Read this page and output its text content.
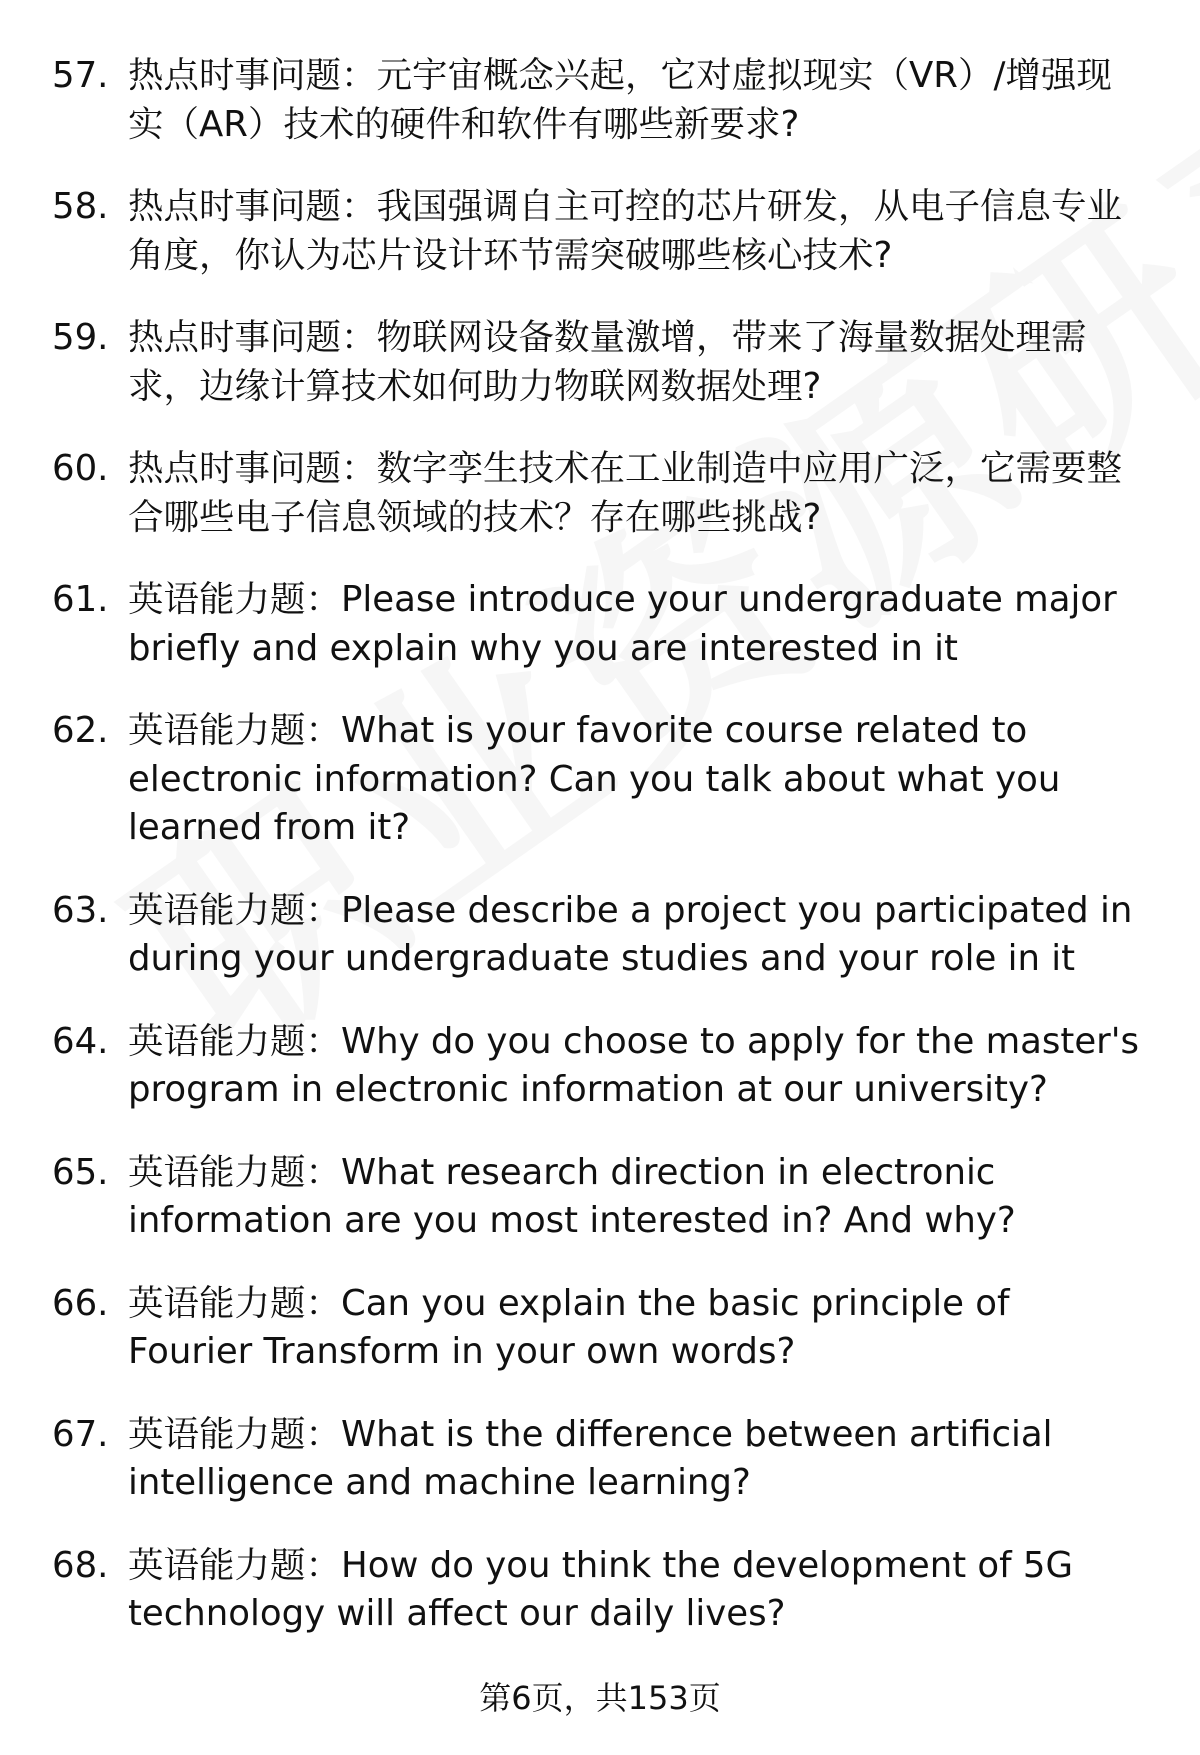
57. 热点时事问题：元宇宙概念兴起，它对虚拟现实（VR）/增强现实（AR）技术的硬件和软件有哪些新要求?
58. 热点时事问题：我国强调自主可控的芯片研发，从电子信息专业角度，你认为芯片设计环节需突破哪些核心技术?
59. 热点时事问题：物联网设备数量激增，带来了海量数据处理需求，边缘计算技术如何助力物联网数据处理?
60. 热点时事问题：数字孪生技术在工业制造中应用广泛，它需要整合哪些电子信息领域的技术？存在哪些挑战?
61. 英语能力题：Please introduce your undergraduate major briefly and explain why you are interested in it
62. 英语能力题：What is your favorite course related to electronic information? Can you talk about what you learned from it?
63. 英语能力题：Please describe a project you participated in during your undergraduate studies and your role in it
64. 英语能力题：Why do you choose to apply for the master's program in electronic information at our university?
65. 英语能力题：What research direction in electronic information are you most interested in? And why?
66. 英语能力题：Can you explain the basic principle of Fourier Transform in your own words?
67. 英语能力题：What is the difference between artificial intelligence and machine learning?
68. 英语能力题：How do you think the development of 5G technology will affect our daily lives?
第6页，共153页
